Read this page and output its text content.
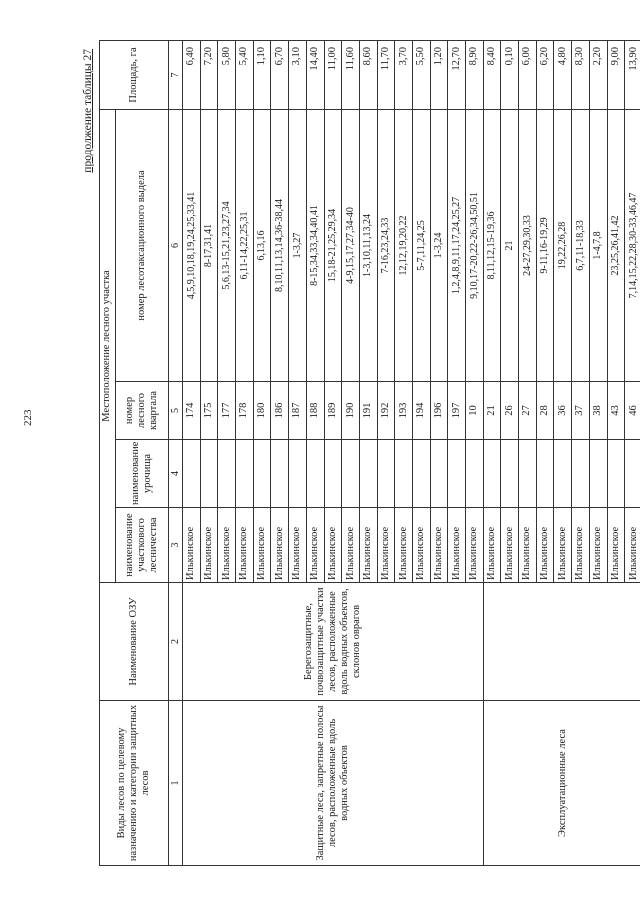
223
продолжение таблицы 27
Виды лесов по целевому назначению и категории защитных лесов	Наименование ОЗУ	Местоположение лесного участка				Площадь, га
		наименование участкового лесничества	наименование урочища	номер лесного квартала	номер лесотаксационного выдела	
1	2	3	4	5	6	7
Защитные леса, запретные полосы лесов, расположенные вдоль водных объектов	Берегозащитные, почвозащитные участки лесов, расположенные вдоль водных объектов, склонов оврагов	Илькинское		174	4,5,9,10,18,19,24,25,33,41	6,40
		Илькинское		175	8-17,31,41	7,20
		Илькинское		177	5,6,13-15,21,23,27,34	5,80
		Илькинское		178	6,11-14,22,25,31	5,40
		Илькинское		180	6,13,16	1,10
		Илькинское		186	8,10,11,13,14,36-38,44	6,70
		Илькинское		187	1-3,27	3,10
		Илькинское		188	8-15,34,33,34,40,41	14,40
		Илькинское		189	15,18-21,25,29,34	11,00
		Илькинское		190	4-9,15,17,27,34-40	11,60
		Илькинское		191	1-3,10,11,13,24	8,60
		Илькинское		192	7-16,23,24,33	11,70
		Илькинское		193	12,12,19,20,22	3,70
		Илькинское		194	5-7,11,24,25	5,50
		Илькинское		196	1-3,24	1,20
		Илькинское		197	1,2,4,8,9,11,17,24,25,27	12,70
		Илькинское		10	9,10,17-20,22-26,34,50,51	8,90
Эксплуатационные леса		Илькинское		21	8,11,12,15-19,36	8,40
		Илькинское		26	21	0,10
		Илькинское		27	24-27,29,30,33	6,00
		Илькинское		28	9-11,16-19,29	6,20
		Илькинское		36	19,22,26,28	4,80
		Илькинское		37	6,7,11-18,33	8,30
		Илькинское		38	1-4,7,8	2,20
		Илькинское		43	23,25,26,41,42	9,00
		Илькинское		46	7,14,15,22,28,30-33,46,47	13,90
